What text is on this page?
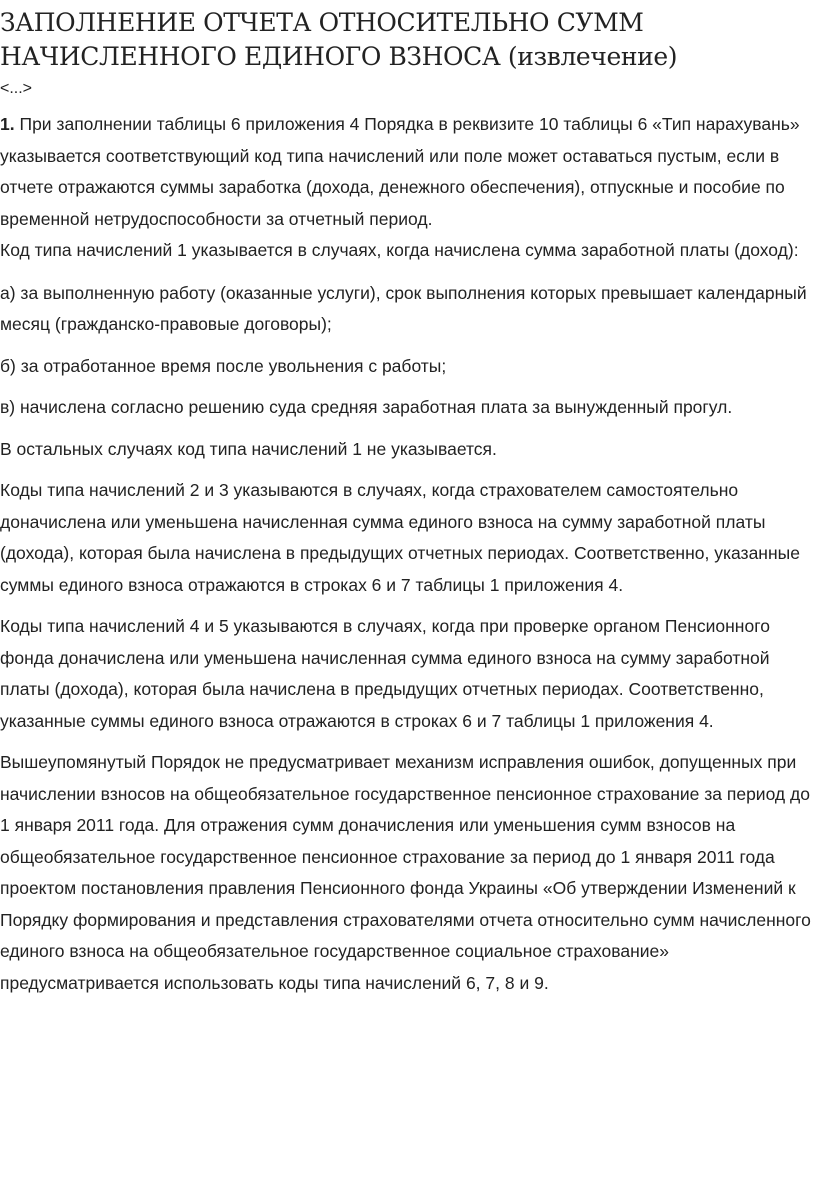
ЗАПОЛНЕНИЕ ОТЧЕТА ОТНОСИТЕЛЬНО СУММ
НАЧИСЛЕННОГО ЕДИНОГО ВЗНОСА (извлечение)
<...>

1. При заполнении таблицы 6 приложения 4 Порядка в реквизите 10 таблицы 6 «Тип нарахувань» указывается соответствующий код типа начислений или поле может оставаться пустым, если в отчете отражаются суммы заработка (дохода, денежного обеспечения), отпускные и пособие по временной нетрудоспособности за отчетный период.

Код типа начислений 1 указывается в случаях, когда начислена сумма заработной платы (доход):

а) за выполненную работу (оказанные услуги), срок выполнения которых превышает календарный месяц (гражданско-правовые договоры);

б) за отработанное время после увольнения с работы;

в) начислена согласно решению суда средняя заработная плата за вынужденный прогул.

В остальных случаях код типа начислений 1 не указывается.

Коды типа начислений 2 и 3 указываются в случаях, когда страхователем самостоятельно доначислена или уменьшена начисленная сумма единого взноса на сумму заработной платы (дохода), которая была начислена в предыдущих отчетных периодах. Соответственно, указанные суммы единого взноса отражаются в строках 6 и 7 таблицы 1 приложения 4.

Коды типа начислений 4 и 5 указываются в случаях, когда при проверке органом Пенсионного фонда доначислена или уменьшена начисленная сумма единого взноса на сумму заработной платы (дохода), которая была начислена в предыдущих отчетных периодах. Соответственно, указанные суммы единого взноса отражаются в строках 6 и 7 таблицы 1 приложения 4.

Вышеупомянутый Порядок не предусматривает механизм исправления ошибок, допущенных при начислении взносов на общеобязательное государственное пенсионное страхование за период до 1 января 2011 года. Для отражения сумм доначисления или уменьшения сумм взносов на общеобязательное государственное пенсионное страхование за период до 1 января 2011 года проектом постановления правления Пенсионного фонда Украины «Об утверждении Изменений к Порядку формирования и представления страхователями отчета относительно сумм начисленного единого взноса на общеобязательное государственное социальное страхование» предусматривается использовать коды типа начислений 6, 7, 8 и 9.
